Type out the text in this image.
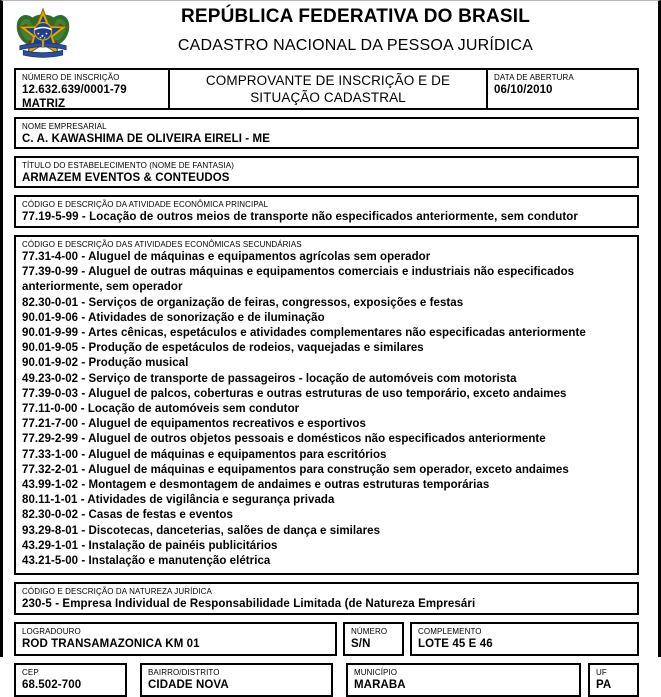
REPÚBLICA FEDERATIVA DO BRASIL
CADASTRO NACIONAL DA PESSOA JURÍDICA
NÚMERO DE INSCRIÇÃO
12.632.639/0001-79
MATRIZ
COMPROVANTE DE INSCRIÇÃO E DE SITUAÇÃO CADASTRAL
DATA DE ABERTURA
06/10/2010
NOME EMPRESARIAL
C. A. KAWASHIMA DE OLIVEIRA EIRELI - ME
TÍTULO DO ESTABELECIMENTO (NOME DE FANTASIA)
ARMAZEM EVENTOS & CONTEUDOS
CÓDIGO E DESCRIÇÃO DA ATIVIDADE ECONÔMICA PRINCIPAL
77.19-5-99 - Locação de outros meios de transporte não especificados anteriormente, sem condutor
CÓDIGO E DESCRIÇÃO DAS ATIVIDADES ECONÔMICAS SECUNDÁRIAS
77.31-4-00 - Aluguel de máquinas e equipamentos agrícolas sem operador
77.39-0-99 - Aluguel de outras máquinas e equipamentos comerciais e industriais não especificados anteriormente, sem operador
82.30-0-01 - Serviços de organização de feiras, congressos, exposições e festas
90.01-9-06 - Atividades de sonorização e de iluminação
90.01-9-99 - Artes cênicas, espetáculos e atividades complementares não especificadas anteriormente
90.01-9-05 - Produção de espetáculos de rodeios, vaquejadas e similares
90.01-9-02 - Produção musical
49.23-0-02 - Serviço de transporte de passageiros - locação de automóveis com motorista
77.39-0-03 - Aluguel de palcos, coberturas e outras estruturas de uso temporário, exceto andaimes
77.11-0-00 - Locação de automóveis sem condutor
77.21-7-00 - Aluguel de equipamentos recreativos e esportivos
77.29-2-99 - Aluguel de outros objetos pessoais e domésticos não especificados anteriormente
77.33-1-00 - Aluguel de máquinas e equipamentos para escritórios
77.32-2-01 - Aluguel de máquinas e equipamentos para construção sem operador, exceto andaimes
43.99-1-02 - Montagem e desmontagem de andaimes e outras estruturas temporárias
80.11-1-01 - Atividades de vigilância e segurança privada
82.30-0-02 - Casas de festas e eventos
93.29-8-01 - Discotecas, danceterias, salões de dança e similares
43.29-1-01 - Instalação de painéis publicitários
43.21-5-00 - Instalação e manutenção elétrica
CÓDIGO E DESCRIÇÃO DA NATUREZA JURÍDICA
230-5 - Empresa Individual de Responsabilidade Limitada (de Natureza Empresári
LOGRADOURO
ROD TRANSAMAZONICA KM 01
NÚMERO
S/N
COMPLEMENTO
LOTE 45 E 46
CEP
68.502-700
BAIRRO/DISTRITO
CIDADE NOVA
MUNICÍPIO
MARABA
UF
PA
